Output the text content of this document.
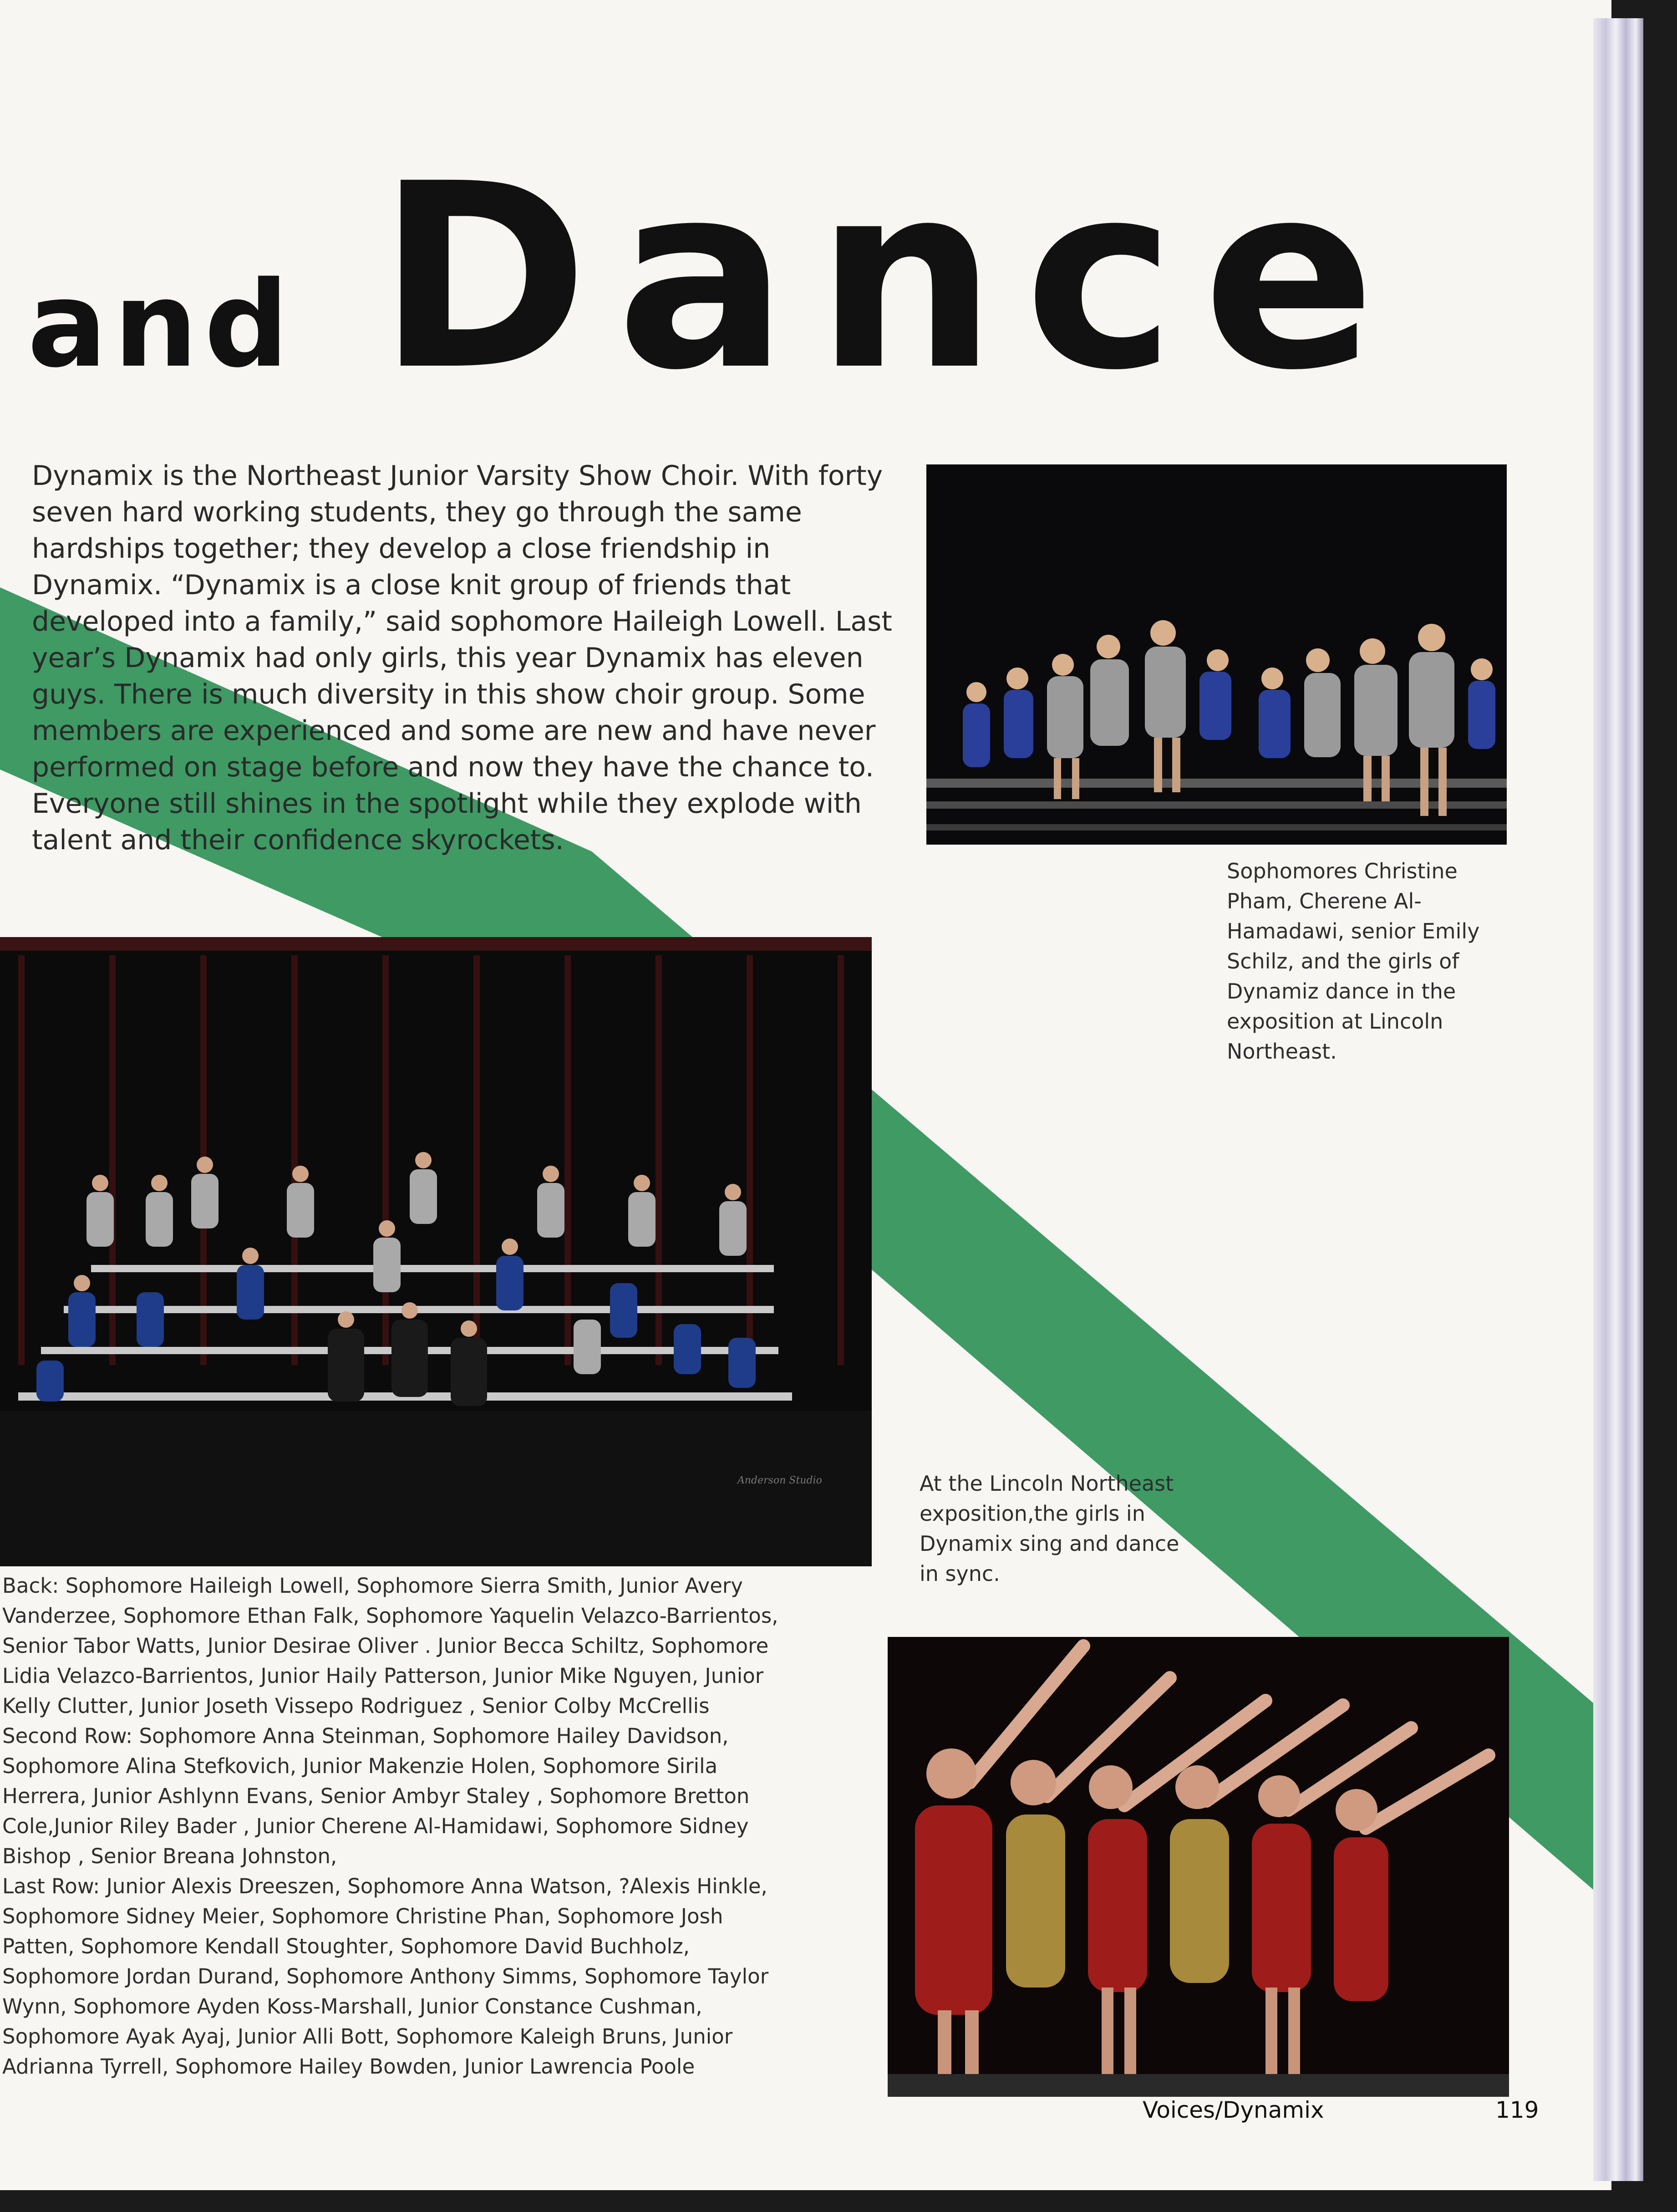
and Dance

Dynamix is the Northeast Junior Varsity Show Choir. With forty seven hard working students, they go through the same hardships together; they develop a close friendship in Dynamix. “Dynamix is a close knit group of friends that developed into a family,” said sophomore Haileigh Lowell. Last year’s Dynamix had only girls, this year Dynamix has eleven guys. There is much diversity in this show choir group. Some members are experienced and some are new and have never performed on stage before and now they have the chance to. Everyone still shines in the spotlight while they explode with talent and their confidence skyrockets.

Sophomores Christine Pham, Cherene Al-Hamadawi, senior Emily Schilz, and the girls of Dynamiz dance in the exposition at Lincoln Northeast.

Anderson Studio

Back: Sophomore Haileigh Lowell, Sophomore Sierra Smith, Junior Avery Vanderzee, Sophomore Ethan Falk, Sophomore Yaquelin Velazco-Barrientos, Senior Tabor Watts, Junior Desirae Oliver . Junior Becca Schiltz, Sophomore Lidia Velazco-Barrientos, Junior Haily Patterson, Junior Mike Nguyen, Junior Kelly Clutter, Junior Joseth Vissepo Rodriguez , Senior Colby McCrellis

Second Row: Sophomore Anna Steinman, Sophomore Hailey Davidson, Sophomore Alina Stefkovich, Junior Makenzie Holen, Sophomore Sirila Herrera, Junior Ashlynn Evans, Senior Ambyr Staley , Sophomore Bretton Cole,Junior Riley Bader , Junior Cherene Al-Hamidawi, Sophomore Sidney Bishop , Senior Breana Johnston,

Last Row: Junior Alexis Dreeszen, Sophomore Anna Watson, ?Alexis Hinkle, Sophomore Sidney Meier, Sophomore Christine Phan, Sophomore Josh Patten, Sophomore Kendall Stoughter, Sophomore David Buchholz, Sophomore Jordan Durand, Sophomore Anthony Simms, Sophomore Taylor Wynn, Sophomore Ayden Koss-Marshall, Junior Constance Cushman, Sophomore Ayak Ayaj, Junior Alli Bott, Sophomore Kaleigh Bruns, Junior Adrianna Tyrrell, Sophomore Hailey Bowden, Junior Lawrencia Poole

At the Lincoln Northeast exposition,the girls in Dynamix sing and dance in sync.

Voices/Dynamix	119
